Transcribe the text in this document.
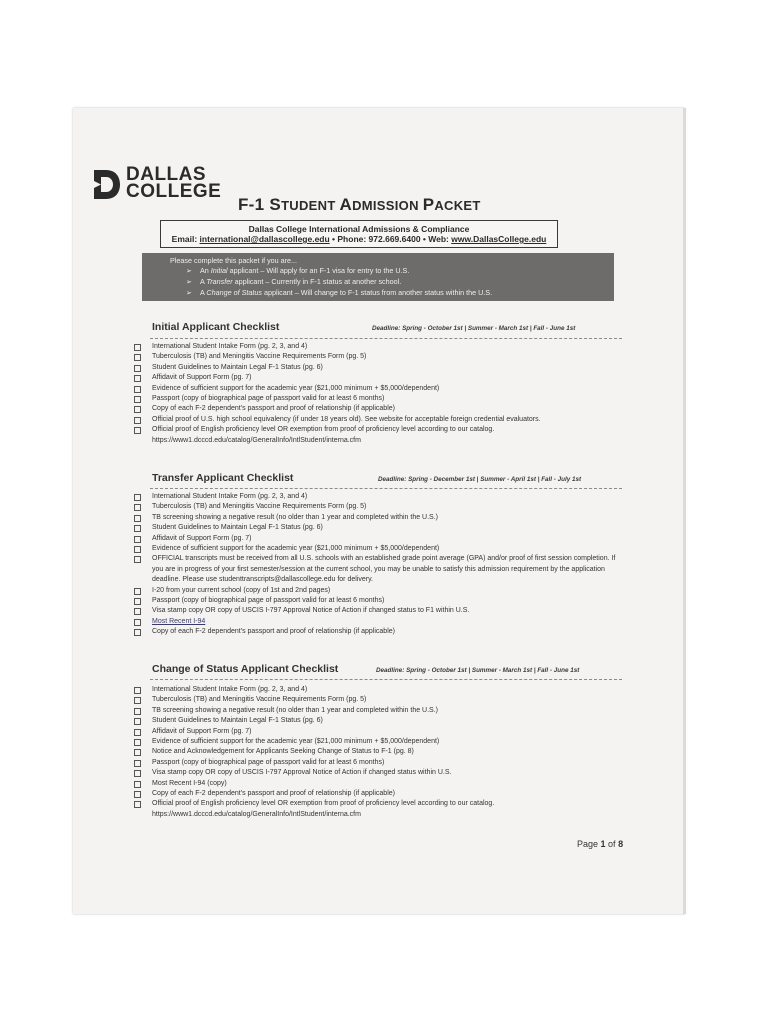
DALLAS
COLLEGE
F-1 STUDENT ADMISSION PACKET
Dallas College International Admissions & Compliance
Email: international@dallascollege.edu • Phone: 972.669.6400 • Web: www.DallasCollege.edu
Please complete this packet if you are...
➢ An Initial applicant – Will apply for an F-1 visa for entry to the U.S.
➢ A Transfer applicant – Currently in F-1 status at another school.
➢ A Change of Status applicant – Will change to F-1 status from another status within the U.S.
Initial Applicant Checklist	Deadline: Spring - October 1st | Summer - March 1st | Fall - June 1st
International Student Intake Form (pg. 2, 3, and 4)
Tuberculosis (TB) and Meningitis Vaccine Requirements Form (pg. 5)
Student Guidelines to Maintain Legal F-1 Status (pg. 6)
Affidavit of Support Form (pg. 7)
Evidence of sufficient support for the academic year ($21,000 minimum + $5,000/dependent)
Passport (copy of biographical page of passport valid for at least 6 months)
Copy of each F-2 dependent's passport and proof of relationship (if applicable)
Official proof of U.S. high school equivalency (if under 18 years old). See website for acceptable foreign credential evaluators.
Official proof of English proficiency level OR exemption from proof of proficiency level according to our catalog. https://www1.dcccd.edu/catalog/GeneralInfo/IntlStudent/interna.cfm
Transfer Applicant Checklist	Deadline: Spring - December 1st | Summer - April 1st | Fall - July 1st
International Student Intake Form (pg. 2, 3, and 4)
Tuberculosis (TB) and Meningitis Vaccine Requirements Form (pg. 5)
TB screening showing a negative result (no older than 1 year and completed within the U.S.)
Student Guidelines to Maintain Legal F-1 Status (pg. 6)
Affidavit of Support Form (pg. 7)
Evidence of sufficient support for the academic year ($21,000 minimum + $5,000/dependent)
OFFICIAL transcripts must be received from all U.S. schools with an established grade point average (GPA) and/or proof of first session completion. If you are in progress of your first semester/session at the current school, you may be unable to satisfy this admission requirement by the application deadline. Please use studenttranscripts@dallascollege.edu for delivery.
I-20 from your current school (copy of 1st and 2nd pages)
Passport (copy of biographical page of passport valid for at least 6 months)
Visa stamp copy OR copy of USCIS I-797 Approval Notice of Action if changed status to F1 within U.S.
Most Recent I-94
Copy of each F-2 dependent's passport and proof of relationship (if applicable)
Change of Status Applicant Checklist	Deadline: Spring - October 1st | Summer - March 1st | Fall - June 1st
International Student Intake Form (pg. 2, 3, and 4)
Tuberculosis (TB) and Meningitis Vaccine Requirements Form (pg. 5)
TB screening showing a negative result (no older than 1 year and completed within the U.S.)
Student Guidelines to Maintain Legal F-1 Status (pg. 6)
Affidavit of Support Form (pg. 7)
Evidence of sufficient support for the academic year ($21,000 minimum + $5,000/dependent)
Notice and Acknowledgement for Applicants Seeking Change of Status to F-1 (pg. 8)
Passport (copy of biographical page of passport valid for at least 6 months)
Visa stamp copy OR copy of USCIS I-797 Approval Notice of Action if changed status within U.S.
Most Recent I-94 (copy)
Copy of each F-2 dependent's passport and proof of relationship (if applicable)
Official proof of English proficiency level OR exemption from proof of proficiency level according to our catalog. https://www1.dcccd.edu/catalog/GeneralInfo/IntlStudent/interna.cfm
Page 1 of 8
